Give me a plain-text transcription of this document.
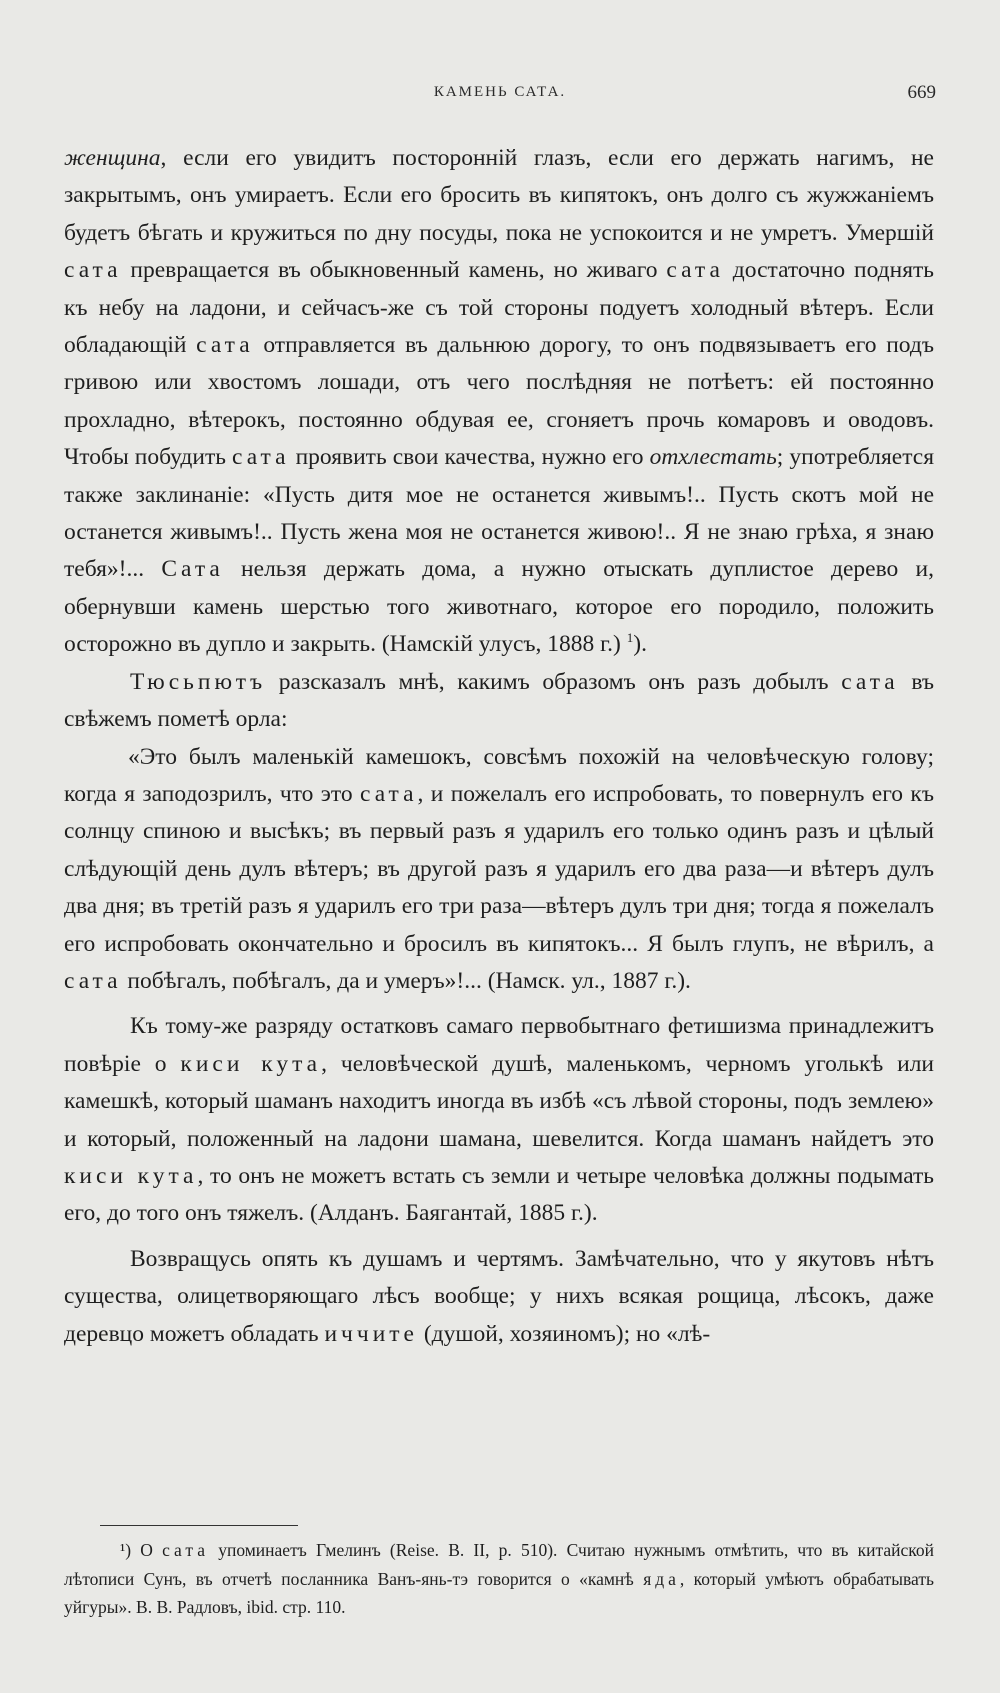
КАМЕНЬ САТА.	669

женщина, если его увидитъ посторонній глазъ, если его держать нагимъ, не закрытымъ, онъ умираетъ. Если его бросить въ кипятокъ, онъ долго съ жужжаніемъ будетъ бѣгать и кружиться по дну посуды, пока не успокоится и не умретъ. Умершій сата превращается въ обыкновенный камень, но живаго сата достаточно поднять къ небу на ладони, и сейчасъ-же съ той стороны подуетъ холодный вѣтеръ. Если обладающій сата отправляется въ дальнюю дорогу, то онъ подвязываетъ его подъ гривою или хвостомъ лошади, отъ чего послѣдняя не потѣетъ: ей постоянно прохладно, вѣтерокъ, постоянно обдувая ее, сгоняетъ прочь комаровъ и оводовъ. Чтобы побудить сата проявить свои качества, нужно его отхлестать; употребляется также заклинаніе: «Пусть дитя мое не останется живымъ!.. Пусть скотъ мой не останется живымъ!.. Пусть жена моя не останется живою!.. Я не знаю грѣха, я знаю тебя»!... Сата нельзя держать дома, а нужно отыскать дуплистое дерево и, обернувши камень шерстью того животнаго, которое его породило, положить осторожно въ дупло и закрыть. (Намскій улусъ, 1888 г.) $^1$).

Тюсьпютъ разсказалъ мнѣ, какимъ образомъ онъ разъ добылъ сата въ свѣжемъ пометѣ орла:

«Это былъ маленькій камешокъ, совсѣмъ похожій на человѣческую голову; когда я заподозрилъ, что это сата, и пожелалъ его испробовать, то повернулъ его къ солнцу спиною и высѣкъ; въ первый разъ я ударилъ его только одинъ разъ и цѣлый слѣдующій день дулъ вѣтеръ; въ другой разъ я ударилъ его два раза—и вѣтеръ дулъ два дня; въ третій разъ я ударилъ его три раза—вѣтеръ дулъ три дня; тогда я пожелалъ его испробовать окончательно и бросилъ въ кипятокъ... Я былъ глупъ, не вѣрилъ, а сата побѣгалъ, побѣгалъ, да и умеръ»!... (Намск. ул., 1887 г.).

Къ тому-же разряду остатковъ самаго первобытнаго фетишизма принадлежитъ повѣріе о киси кута, человѣческой душѣ, маленькомъ, черномъ уголькѣ или камешкѣ, который шаманъ находитъ иногда въ избѣ «съ лѣвой стороны, подъ землею» и который, положенный на ладони шамана, шевелится. Когда шаманъ найдетъ это киси кута, то онъ не можетъ встать съ земли и четыре человѣка должны подымать его, до того онъ тяжелъ. (Алданъ. Баягантай, 1885 г.).

Возвращусь опять къ душамъ и чертямъ. Замѣчательно, что у якутовъ нѣтъ существа, олицетворяющаго лѣсъ вообще; у нихъ всякая рощица, лѣсокъ, даже деревцо можетъ обладать иччите (душой, хозяиномъ); но «лѣ-

¹) О сата упоминаетъ Гмелинъ (Reise. В. II, p. 510). Считаю нужнымъ отмѣтить, что въ китайской лѣтописи Сунъ, въ отчетѣ посланника Ванъ-янь-тэ говорится о «камнѣ яда, который умѣютъ обрабатывать уйгуры». В. В. Радловъ, ibid. стр. 110.
